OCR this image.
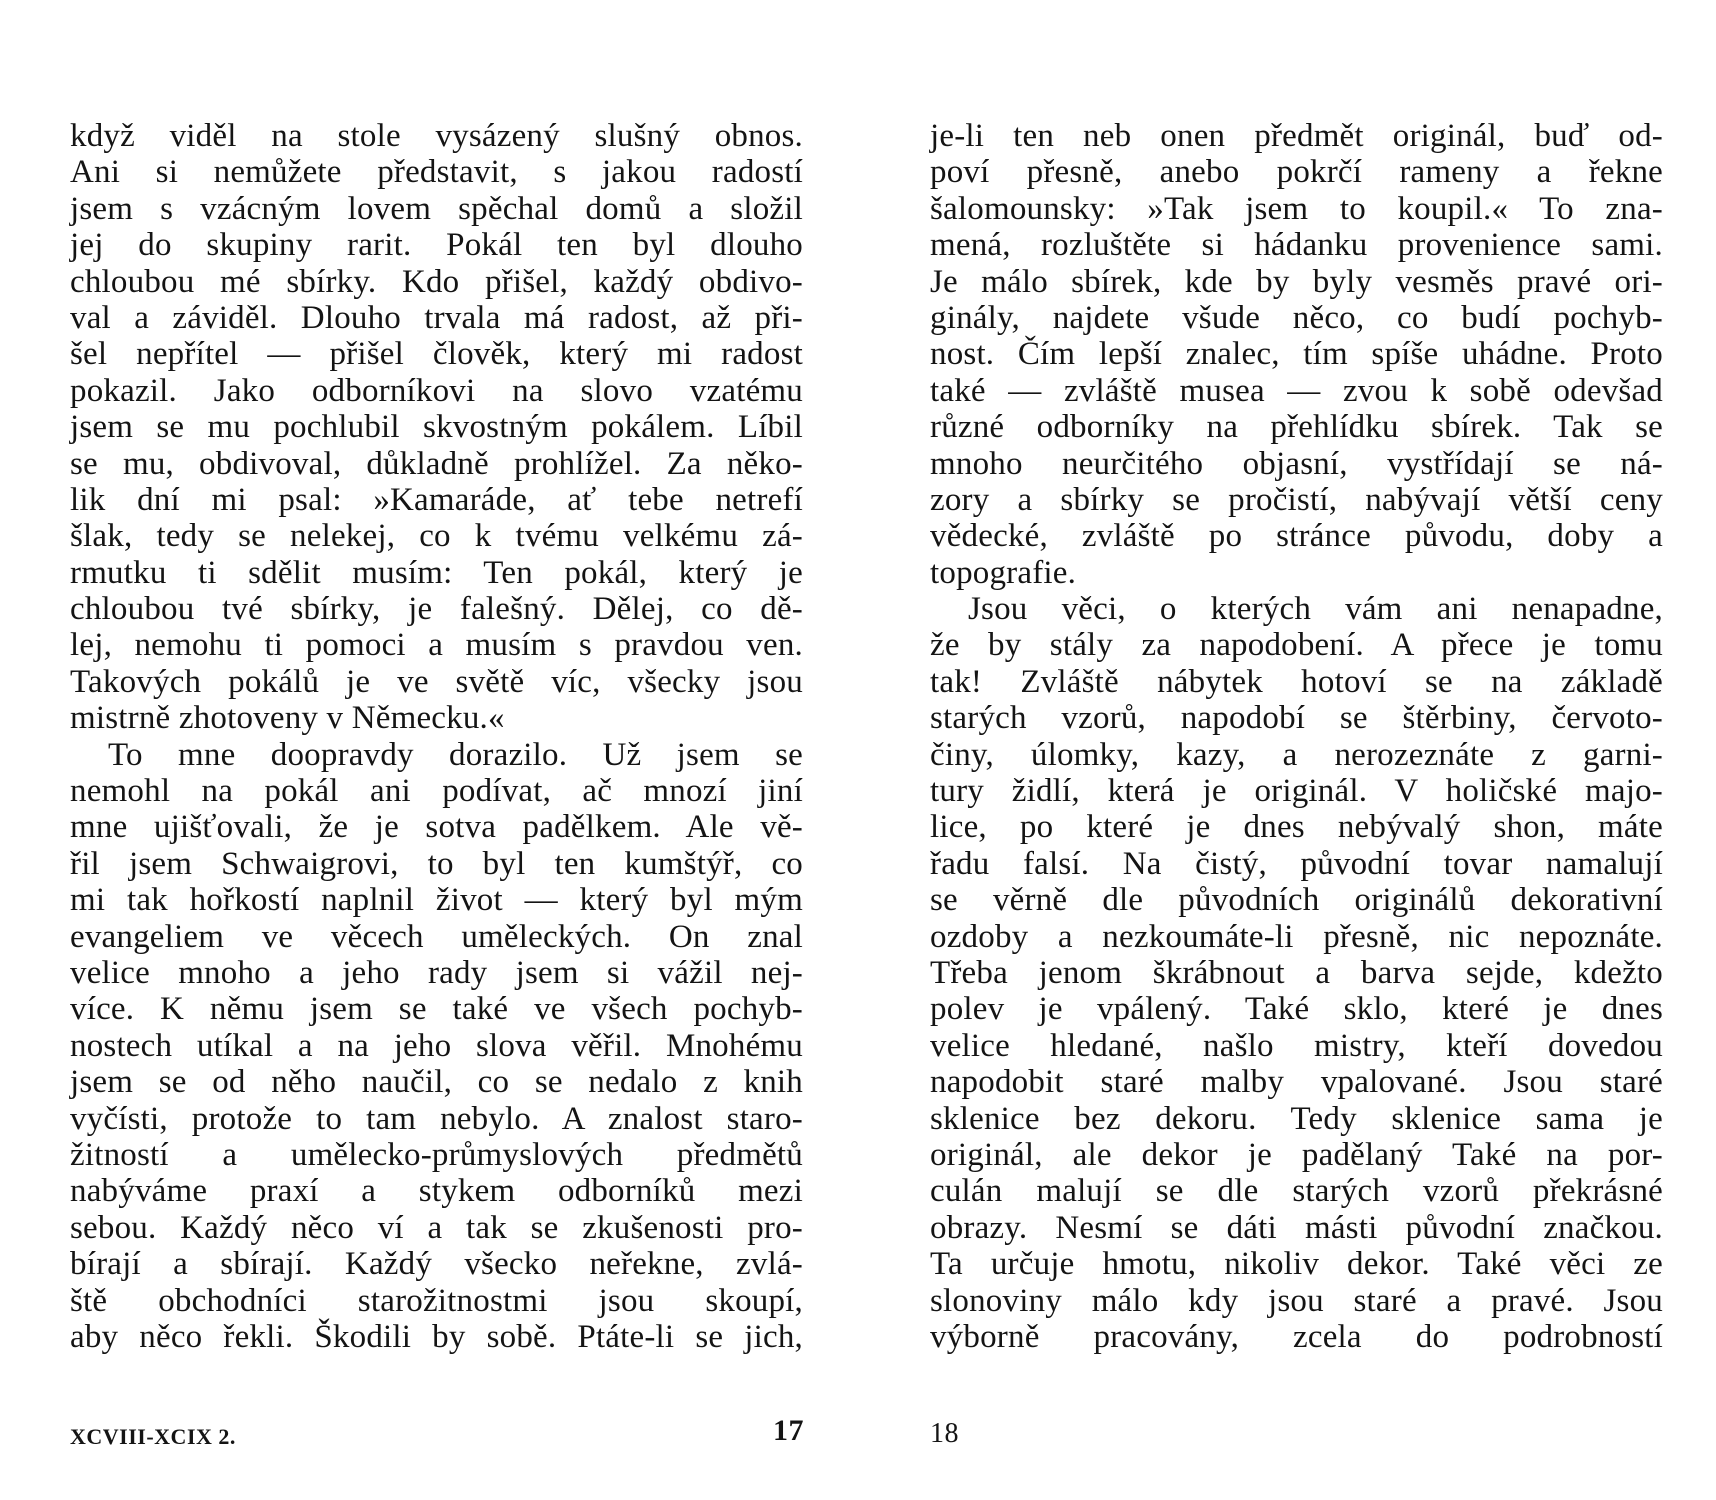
když viděl na stole vysázený slušný obnos.
Ani si nemůžete představit, s jakou radostí
jsem s vzácným lovem spěchal domů a složil
jej do skupiny rarit. Pokál ten byl dlouho
chloubou mé sbírky. Kdo přišel, každý obdivo-
val a záviděl. Dlouho trvala má radost, až při-
šel nepřítel — přišel člověk, který mi radost
pokazil. Jako odborníkovi na slovo vzatému
jsem se mu pochlubil skvostným pokálem. Líbil
se mu, obdivoval, důkladně prohlížel. Za něko-
lik dní mi psal: »Kamaráde, ať tebe netrefí
šlak, tedy se nelekej, co k tvému velkému zá-
rmutku ti sdělit musím: Ten pokál, který je
chloubou tvé sbírky, je falešný. Dělej, co dě-
lej, nemohu ti pomoci a musím s pravdou ven.
Takových pokálů je ve světě víc, všecky jsou
mistrně zhotoveny v Německu.«
To mne doopravdy dorazilo. Už jsem se
nemohl na pokál ani podívat, ač mnozí jiní
mne ujišťovali, že je sotva padělkem. Ale vě-
řil jsem Schwaigrovi, to byl ten kumštýř, co
mi tak hořkostí naplnil život — který byl mým
evangeliem ve věcech uměleckých. On znal
velice mnoho a jeho rady jsem si vážil nej-
více. K němu jsem se také ve všech pochyb-
nostech utíkal a na jeho slova věřil. Mnohému
jsem se od něho naučil, co se nedalo z knih
vyčísti, protože to tam nebylo. A znalost staro-
žitností a umělecko-průmyslových předmětů
nabýváme praxí a stykem odborníků mezi
sebou. Každý něco ví a tak se zkušenosti pro-
bírají a sbírají. Každý všecko neřekne, zvlá-
ště obchodníci starožitnostmi jsou skoupí,
aby něco řekli. Škodili by sobě. Ptáte-li se jich,
XCVIII-XCIX 2.	17
je-li ten neb onen předmět originál, buď od-
poví přesně, anebo pokrčí rameny a řekne
šalomounsky: »Tak jsem to koupil.« To zna-
mená, rozluštěte si hádanku provenience sami.
Je málo sbírek, kde by byly vesměs pravé ori-
ginály, najdete všude něco, co budí pochyb-
nost. Čím lepší znalec, tím spíše uhádne. Proto
také — zvláště musea — zvou k sobě odevšad
různé odborníky na přehlídku sbírek. Tak se
mnoho neurčitého objasní, vystřídají se ná-
zory a sbírky se pročistí, nabývají větší ceny
vědecké, zvláště po stránce původu, doby a
topografie.
Jsou věci, o kterých vám ani nenapadne,
že by stály za napodobení. A přece je tomu
tak! Zvláště nábytek hotoví se na základě
starých vzorů, napodobí se štěrbiny, červoto-
činy, úlomky, kazy, a nerozeznáte z garni-
tury židlí, která je originál. V holičské majo-
lice, po které je dnes nebývalý shon, máte
řadu falsí. Na čistý, původní tovar namalují
se věrně dle původních originálů dekorativní
ozdoby a nezkoumáte-li přesně, nic nepoznáte.
Třeba jenom škrábnout a barva sejde, kdežto
polev je vpálený. Také sklo, které je dnes
velice hledané, našlo mistry, kteří dovedou
napodobit staré malby vpalované. Jsou staré
sklenice bez dekoru. Tedy sklenice sama je
originál, ale dekor je padělaný Také na por-
culán malují se dle starých vzorů překrásné
obrazy. Nesmí se dáti másti původní značkou.
Ta určuje hmotu, nikoliv dekor. Také věci ze
slonoviny málo kdy jsou staré a pravé. Jsou
výborně pracovány, zcela do podrobností
18
